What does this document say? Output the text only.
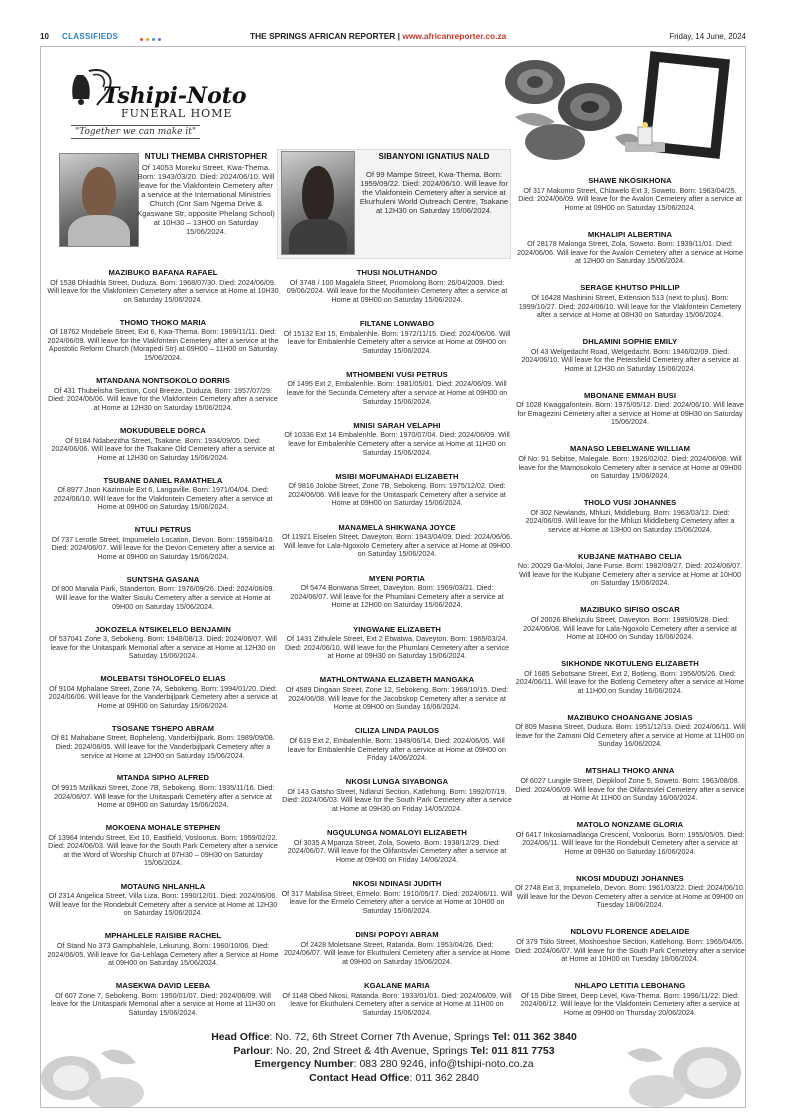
10 CLASSIFIEDS	THE SPRINGS AFRICAN REPORTER | www.africanreporter.co.za	Friday, 14 June, 2024
Tshipi-Noto
FUNERAL HOME
"Together we can make it"
NTULI THEMBA CHRISTOPHER
Of 14053 Moreku Street, Kwa-Thema. Born: 1943/03/20. Died: 2024/06/10. Will leave for the Vlakfontein Cemetery after a service at the International Ministries Church (Cnr Sam Ngema Drive & Kgaswane Str, opposite Phelang School) at 10H30 – 13H00 on Saturday 15/06/2024.
SIBANYONI IGNATIUS NALD
Of 99 Mampe Street, Kwa-Thema. Born: 1959/09/22. Died: 2024/06/10. Will leave for the Vlakfontein Cemetery after a service at Ekurhuleni World Outreach Centre, Tsakane at 12H30 on Saturday 15/06/2024.
Head Office: No. 72, 6th Street Corner 7th Avenue, Springs Tel: 011 362 3840
Parlour: No. 20, 2nd Street & 4th Avenue, Springs Tel: 011 811 7753
Emergency Number: 083 280 9246, info@tshipi-noto.co.za
Contact Head Office: 011 362 2840
MAZIBUKO BAFANA RAFAEL
Of 1538 Dhladhla Street, Duduza. Born: 1968/07/30. Died: 2024/06/09. Will leave for the Vlakfontein Cemetery after a service at Home at 10H30 on Saturday 15/06/2024.
THOMO THOKO MARIA
Of 18762 Mndebele Street, Ext 6, Kwa-Thema. Born: 1969/11/11. Died: 2024/06/09. Will leave for the Vlakfontein Cemetery after a service at the Apostolic Reform Church (Morapedi Str) at 09H00 – 11H00 on Saturday 15/06/2024.
MTANDANA NONTSOKOLO DORRIS
Of 431 Thubelisha Section, Cool Breeze, Duduza. Born: 1957/07/29. Died: 2024/06/06. Will leave for the Vlakfontein Cemetery after a service at Home at 12H30 on Saturday 15/06/2024.
MOKUDUBELE DORCA
Of 9184 Ndabezitha Street, Tsakane. Born: 1934/09/05. Died: 2024/06/06. Will leave for the Tsakane Old Cemetery after a service at Home at 12H30 on Saturday 15/06/2024.
TSUBANE DANIEL RAMATHELA
Of 8977 Jnon Kazinnule Ext 6, Langaville. Born: 1971/04/04. Died: 2024/06/10. Will leave for the Vlakfontein Cemetery after a service at Home at 09H00 on Saturday 15/06/2024.
NTULI PETRUS
Of 737 Lerotle Street, Impumelelo Location, Devon. Born: 1959/04/10. Died: 2024/06/07. Will leave for the Devon Cemetery after a service at Home at 09H00 on Saturday 15/06/2024.
SUNTSHA GASANA
Of 800 Manala Park, Standerton. Born: 1976/09/26. Died: 2024/06/09. Will leave for the Walter Sisulu Cemetery after a service at Home at 09H00 on Saturday 15/06/2024.
JOKOZELA NTSIKELELO BENJAMIN
Of 537041 Zone 3, Sebokeng. Born: 1948/08/13. Died: 2024/06/07. Will leave for the Unitaspark Memorial after a service at Home at 12H30 on Saturday 15/06/2024.
MOLEBATSI TSHOLOFELO ELIAS
Of 9104 Mphalane Street, Zone 7A, Sebokeng. Born: 1994/01/20. Died: 2024/06/06. Will leave for the Vanderbijlpark Cemetery after a service at Home at 09H00 on Saturday 15/06/2024.
TSOSANE TSHEPO ABRAM
Of 81 Mahabane Street, Bopheleng, Vanderbijlpark. Born: 1989/09/08. Died: 2024/06/05. Will leave for the Vanderbijlpark Cemetery after a service at Home at 12H00 on Saturday 15/06/2024.
MTANDA SIPHO ALFRED
Of 9915 Mzilikazi Street, Zone 7B, Sebokeng. Born: 1935/11/16. Died: 2024/06/07. Will leave for the Unitaspark Cemetery after a service at Home at 09H00 on Saturday 15/06/2024.
MOKOENA MOHALE STEPHEN
Of 13964 Intendu Street, Ext 10, Eastfield, Vosloorus. Born: 1959/02/22. Died: 2024/06/03. Will leave for the South Park Cemetery after a service at the Word of Worship Church at 07H30 – 09H30 on Saturday 15/06/2024.
MOTAUNG NHLANHLA
Of 2314 Angelica Street, Villa Liza. Born: 1990/12/01. Died: 2024/06/06. Will leave for the Rondebult Cemetery after a service at Home at 12H30 on Saturday 15/06/2024.
MPHAHLELE RAISIBE RACHEL
Of Stand No 373 Gamphahlele, Lekurung. Born: 1960/10/06. Died: 2024/06/05. Will leave for Ga-Lehlaga Cemetery after a Service at Home at 09H00 on Saturday 15/06/2024.
MASEKWA DAVID LEEBA
Of 607 Zone 7, Sebokeng. Born: 1950/01/07. Died: 2024/06/09. Will leave for the Unitaspark Memorial after a service at Home at 11H30 on Saturday 15/06/2024.
THUSI NOLUTHANDO
Of 3748 / 100 Magalela Street, Pnomolong Born: 26/04/2009. Died: 09/06/2024. Will leave for the Mooifontein Cemetery after a service at Home at 09H00 on Saturday 15/06/2024.
FILTANE LONWABO
Of 15132 Ext 15, Embalenhle. Born: 1972/11/15. Died: 2024/06/06. Will leave for Embalenhle Cemetery after a service at Home at 09H00 on Saturday 15/06/2024.
MTHOMBENI VUSI PETRUS
Of 1495 Ext 2, Embalenhle. Born: 1981/05/01. Died: 2024/06/09. Will leave for the Secunda Cemetery after a service at Home at 09H00 on Saturday 15/06/2024.
MNISI SARAH VELAPHI
Of 10336 Ext 14 Embalenhle. Born: 1970/07/04. Died: 2024/06/09. Will leave for Embalenhle Cemetery after a service at Home at 11H30 on Saturday 15/06/2024.
MSIBI MOFUMAHADI ELIZABETH
Of 9816 Jolobe Street, Zone 7B, Sebokeng. Born: 1975/12/02. Died: 2024/06/06. Will leave for the Unitaspark Cemetery after a service at Home at 09H00 on Saturday 15/06/2024.
MANAMELA SHIKWANA JOYCE
Of 11921 Eiselen Street, Daveyton. Born: 1943/04/09. Died: 2024/06/06. Will leave for Lala-Ngoxolo Cemetery after a service at Home at 09H00 on Saturday 15/06/2024.
MYENI PORTIA
Of 5474 Bonwana Street, Daveyton. Born: 1969/03/21. Died: 2024/06/07. Will leave for the Phumlani Cemetery after a service at Home at 12H00 on Saturday 15/06/2024.
YINGWANE ELIZABETH
Of 1431 Zithulele Street, Ext 2 Etwatwa, Daveyton. Born: 1965/03/24. Died: 2024/06/10. Will leave for the Phumlani Cemetery after a service at Home at 09H30 on Saturday 15/06/2024.
MATHLONTWANA ELIZABETH MANGAKA
Of 4589 Dingaan Street, Zone 12, Sebokeng. Born: 1969/10/15. Died: 2024/06/08. Will leave for the Jacobskop Cemetery after a service at Home at 09H00 on Sunday 16/06/2024.
CILIZA LINDA PAULOS
Of 619 Ext 2, Embalenhle. Born: 1949/06/14. Died: 2024/06/05. Will leave for Embalenhle Cemetery after a service at Home at 09H00 on Friday 14/06/2024.
NKOSI LUNGA SIYABONGA
Of 143 Gatsho Street, Ndlanzi Section, Katlehong. Born: 1992/07/19. Died: 2024/06/03. Will leave for the South Park Cemetery after a service at Home at 09H30 on Friday 14/05/2024.
NGQULUNGA NOMALOYI ELIZABETH
Of 3035 A Mpanza Street, Zola, Soweto. Born: 1938/12/29. Died: 2024/06/07. Will leave for the Olifantsvlei Cemetery after a service at Home at 09H00 on Friday 14/06/2024.
NKOSI NDINASI JUDITH
Of 317 Mabilisa Street, Ermelo. Born: 1910/05/17. Died: 2024/06/11. Will leave for the Ermelo Cemetery after a service at Home at 10H00 on Saturday 15/06/2024.
DINSI POPOYI ABRAM
Of 2428 Moletsane Street, Ratanda. Born: 1953/04/26. Died: 2024/06/07. Will leave for Ekuthuleni Cemetery after a service at Home at 09H00 on Saturday 15/06/2024.
KGALANE MARIA
Of 1148 Obed Nkosi, Ratanda. Born: 1933/01/01. Died: 2024/06/09. Will leave for Ekuthuleni Cemetery after a service at Home at 11H00 on Saturday 15/06/2024.
SHAWE NKOSIKHONA
Of 317 Makomo Street, Chiawelo Ext 3, Soweto. Born: 1963/04/25. Died: 2024/06/09. Will leave for the Avalon Cemetery after a service at Home at 09H00 on Saturday 15/06/2024.
MKHALIPI ALBERTINA
Of 28178 Malonga Street, Zola, Soweto. Born: 1939/11/01. Died: 2024/06/06. Will leave for the Avalon Cemetery after a service at Home at 12H00 on Saturday 15/06/2024.
SERAGE KHUTSO PHILLIP
Of 16428 Mashinini Street, Extension 513 (next to plus). Born: 1999/10/27. Died: 2024/06/10. Will leave for the Vlakfontein Cemetery after a service at Home at 08H30 on Saturday 15/06/2024.
DHLAMINI SOPHIE EMILY
Of 43 Welgedacht Road, Welgedacht. Born: 1946/02/09. Died: 2024/06/10. Will leave for the Petersfield Cemetery after a service at Home at 12H30 on Saturday 15/06/2024.
MBONANE EMMAH BUSI
Of 1028 Kwaggafontein. Born: 1975/05/12. Died: 2024/06/10. Will leave for Emagezini Cemetery after a service at Home at 09H30 on Saturday 15/06/2024.
MANASO LEBELWANE WILLIAM
Of No: 91 Sebitse, Malegale. Born: 1926/02/02. Died: 2024/06/08. Will leave for the Mamosokolo Cemetery after a service at Home at 09H00 on Saturday 15/06/2024.
THOLO VUSI JOHANNES
Of 302 Newlands, Mhluzi, Middleburg. Born: 1963/03/12. Died: 2024/06/09. Will leave for the Mhluzi Middleberg Cemetery after a service at Home at 13H00 on Saturday 15/06/2024.
KUBJANE MATHABO CELIA
No: 20029 Ga-Moloi, Jane Furse. Born: 1982/09/27. Died: 2024/06/07. Will leave for the Kubjane Cemetery after a service at Home at 10H00 on Saturday 15/06/2024.
MAZIBUKO SIFISO OSCAR
Of 20026 Bhekizulu Street, Daveyton. Born: 1985/05/28. Died: 2024/06/08. Will leave for Lala-Ngoxolo Cemetery after a service at Home at 10H00 on Sunday 16/06/2024.
SIKHONDE NKOTULENG ELIZABETH
Of 1685 Sebotsane Street, Ext 2, Botleng. Born: 1956/05/26. Died: 2024/06/11. Will leave for the Botleng Cemetery after a service at Home at 11H00 on Sunday 16/06/2024.
MAZIBUKO CHOANGANE JOSIAS
Of 809 Masina Street, Duduza. Born: 1951/12/13. Died: 2024/06/11. Will leave for the Zamani Old Cemetery after a service at Home at 11H00 on Sunday 16/06/2024.
MTSHALI THOKO ANNA
Of 6027 Lungile Street, Diepkloof Zone 5, Soweto. Born: 1963/08/08. Died: 2024/06/09. Will leave for the Olifantsvlei Cemetery after a service at Home At 11H00 on Sunday 16/06/2024.
MATOLO NONZAME GLORIA
Of 6417 Inkosiamadlanga Crescent, Vosloorus. Born: 1955/05/05. Died: 2024/06/11. Will leave for the Rondebult Cemetery after a service at Home at 09H30 on Saturday 16/06/2024.
NKOSI MDUDUZI JOHANNES
Of 2748 Ext 3, Impumelelo, Devon. Born: 1961/03/22. Died: 2024/06/10. Will leave for the Devon Cemetery after a service at Home at 09H00 on Tuesday 18/06/2024.
NDLOVU FLORENCE ADELAIDE
Of 379 Tsilo Street, Moshoeshoe Section, Katlehong. Born: 1965/04/05. Died: 2024/06/07. Will leave for the South Park Cemetery after a service at Home at 10H00 on Tuesday 18/06/2024.
NHLAPO LETITIA LEBOHANG
Of 15 Dibe Street, Deep Level, Kwa-Thema. Born: 1996/11/22. Died: 2024/06/12. Will leave for the Vlakfontein Cemetery after a service at Home at 09H00 on Thursday 20/06/2024.
